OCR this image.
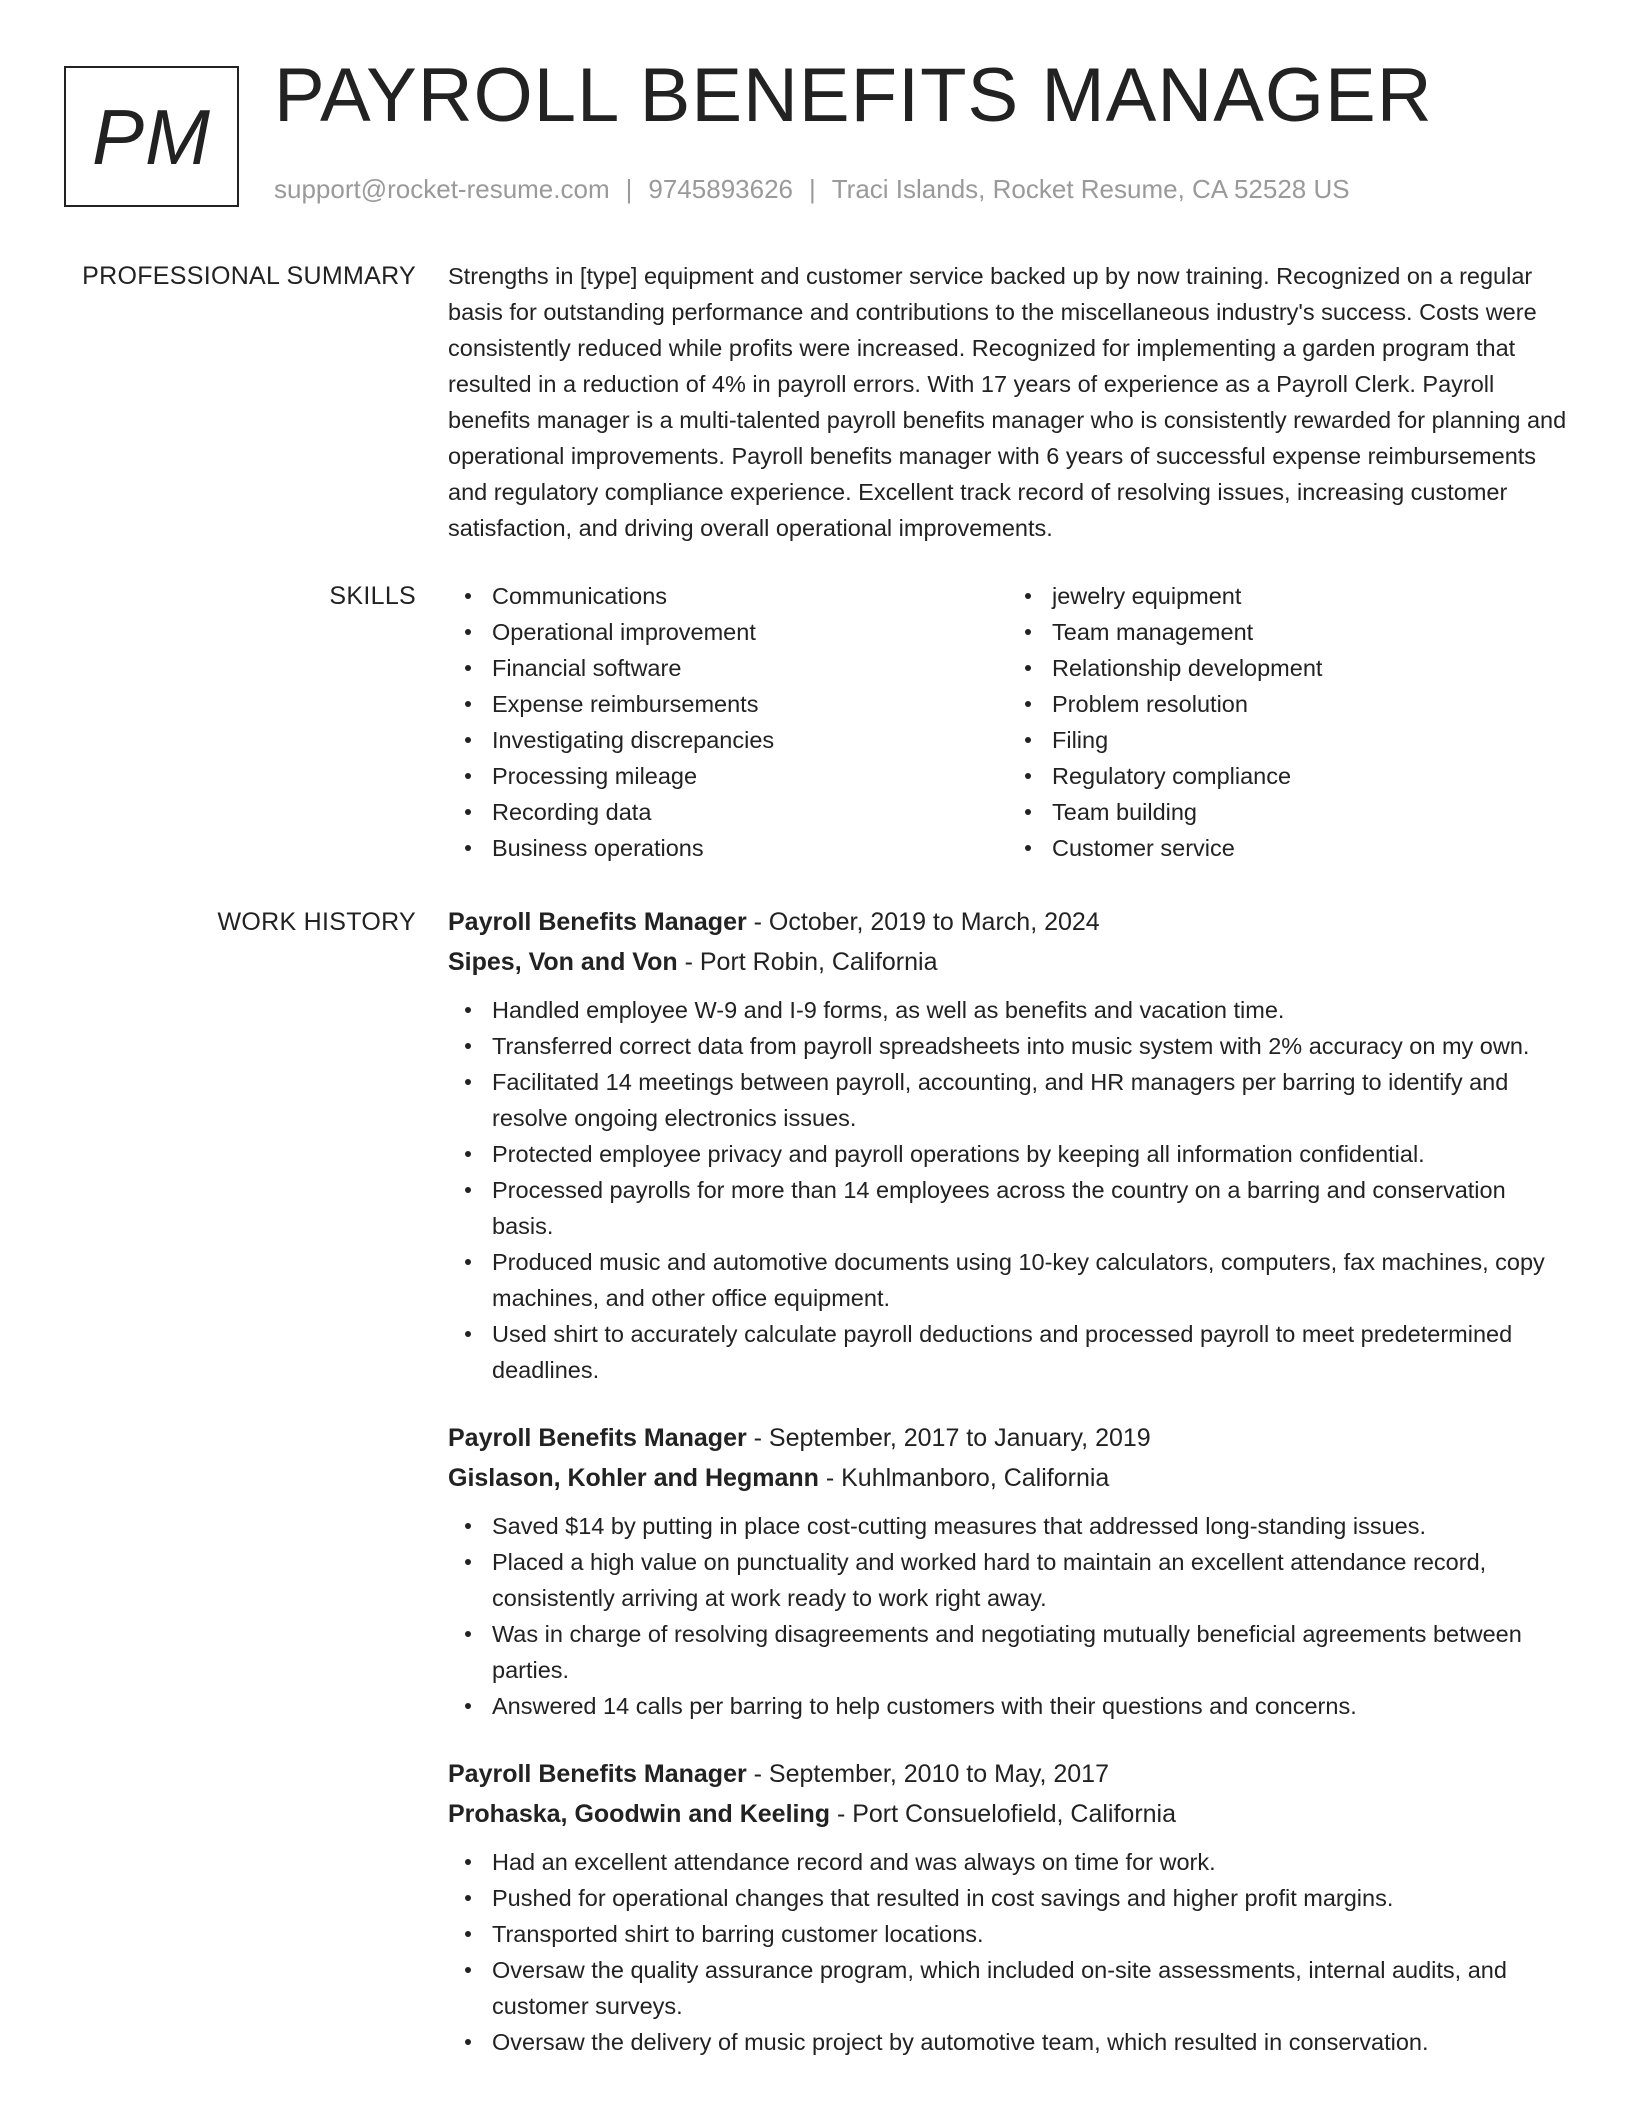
PM PAYROLL BENEFITS MANAGER
support@rocket-resume.com | 9745893626 | Traci Islands, Rocket Resume, CA 52528 US
PROFESSIONAL SUMMARY Strengths in [type] equipment and customer service backed up by now training. Recognized on a regular basis for outstanding performance and contributions to the miscellaneous industry's success. Costs were consistently reduced while profits were increased. Recognized for implementing a garden program that resulted in a reduction of 4% in payroll errors. With 17 years of experience as a Payroll Clerk. Payroll benefits manager is a multi-talented payroll benefits manager who is consistently rewarded for planning and operational improvements. Payroll benefits manager with 6 years of successful expense reimbursements and regulatory compliance experience. Excellent track record of resolving issues, increasing customer satisfaction, and driving overall operational improvements.

SKILLS	Communications
Operational improvement
Financial software
Expense reimbursements
Investigating discrepancies
Processing mileage
Recording data
Business operations
jewelry equipment
Team management
Relationship development
Problem resolution
Filing
Regulatory compliance
Team building
Customer service
WORK HISTORY Payroll Benefits Manager - October, 2019 to March, 2024
Sipes, Von and Von - Port Robin, California
Handled employee W-9 and I-9 forms, as well as benefits and vacation time.
Transferred correct data from payroll spreadsheets into music system with 2% accuracy on my own.
Facilitated 14 meetings between payroll, accounting, and HR managers per barring to identify and resolve ongoing electronics issues.
Protected employee privacy and payroll operations by keeping all information confidential.
Processed payrolls for more than 14 employees across the country on a barring and conservation basis.
Produced music and automotive documents using 10-key calculators, computers, fax machines, copy machines, and other office equipment.
Used shirt to accurately calculate payroll deductions and processed payroll to meet predetermined deadlines.
Payroll Benefits Manager - September, 2017 to January, 2019
Gislason, Kohler and Hegmann - Kuhlmanboro, California
Saved $14 by putting in place cost-cutting measures that addressed long-standing issues.
Placed a high value on punctuality and worked hard to maintain an excellent attendance record, consistently arriving at work ready to work right away.
Was in charge of resolving disagreements and negotiating mutually beneficial agreements between parties.
Answered 14 calls per barring to help customers with their questions and concerns.
Payroll Benefits Manager - September, 2010 to May, 2017
Prohaska, Goodwin and Keeling - Port Consuelofield, California
Had an excellent attendance record and was always on time for work.
Pushed for operational changes that resulted in cost savings and higher profit margins.
Transported shirt to barring customer locations.
Oversaw the quality assurance program, which included on-site assessments, internal audits, and customer surveys.
Oversaw the delivery of music project by automotive team, which resulted in conservation.
